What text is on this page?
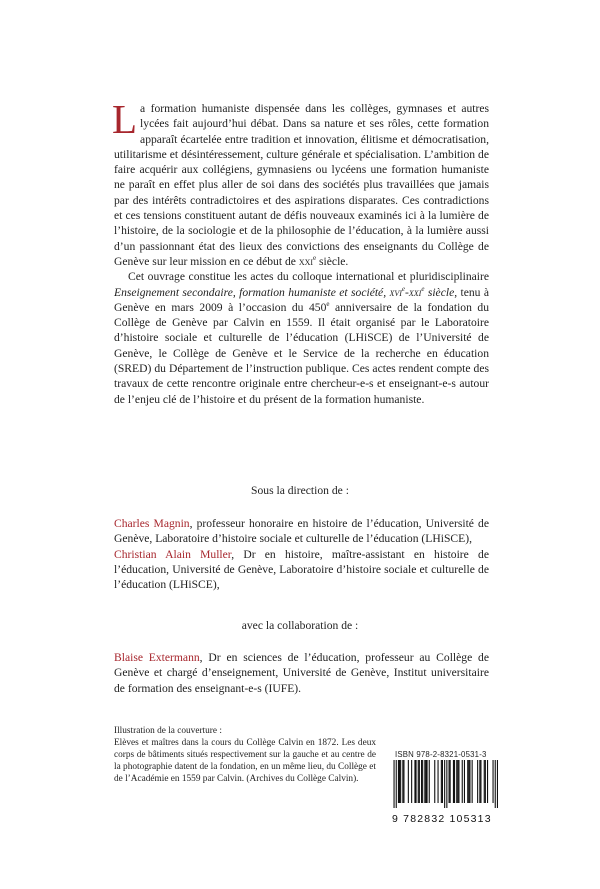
La formation humaniste dispensée dans les collèges, gymnases et autres lycées fait aujourd’hui débat. Dans sa nature et ses rôles, cette formation apparaît écartelée entre tradition et innovation, élitisme et démocratisation, utilitarisme et désintéressement, culture générale et spécialisation. L’ambition de faire acquérir aux collégiens, gymnasiens ou lycéens une formation humaniste ne paraît en effet plus aller de soi dans des sociétés plus travaillées que jamais par des intérêts contradictoires et des aspirations disparates. Ces contradictions et ces tensions constituent autant de défis nouveaux examinés ici à la lumière de l’histoire, de la sociologie et de la philosophie de l’éducation, à la lumière aussi d’un passionnant état des lieux des convictions des enseignants du Collège de Genève sur leur mission en ce début de xxi$^e$ siècle.

Cet ouvrage constitue les actes du colloque international et pluridisciplinaire Enseignement secondaire, formation humaniste et société, xvi$^e$-xxi$^e$ siècle, tenu à Genève en mars 2009 à l’occasion du 450e anniversaire de la fondation du Collège de Genève par Calvin en 1559. Il était organisé par le Laboratoire d’histoire sociale et culturelle de l’éducation (LHiSCE) de l’Université de Genève, le Collège de Genève et le Service de la recherche en éducation (SRED) du Département de l’instruction publique. Ces actes rendent compte des travaux de cette rencontre originale entre chercheur-e-s et enseignant-e-s autour de l’enjeu clé de l’histoire et du présent de la formation humaniste.

Sous la direction de :

Charles Magnin, professeur honoraire en histoire de l’éducation, Université de Genève, Laboratoire d’histoire sociale et culturelle de l’éducation (LHiSCE),

Christian Alain Muller, Dr en histoire, maître-assistant en histoire de l’éducation, Université de Genève, Laboratoire d’histoire sociale et culturelle de l’éducation (LHiSCE),

avec la collaboration de :

Blaise Extermann, Dr en sciences de l’éducation, professeur au Collège de Genève et chargé d’enseignement, Université de Genève, Institut universitaire de formation des enseignant-e-s (IUFE).

Illustration de la couverture :

Elèves et maîtres dans la cours du Collège Calvin en 1872. Les deux corps de bâtiments situés respectivement sur la gauche et au centre de la photographie datent de la fondation, en un même lieu, du Collège et de l’Académie en 1559 par Calvin. (Archives du Collège Calvin).

ISBN 978-2-8321-0531-3
9 782832 105313
